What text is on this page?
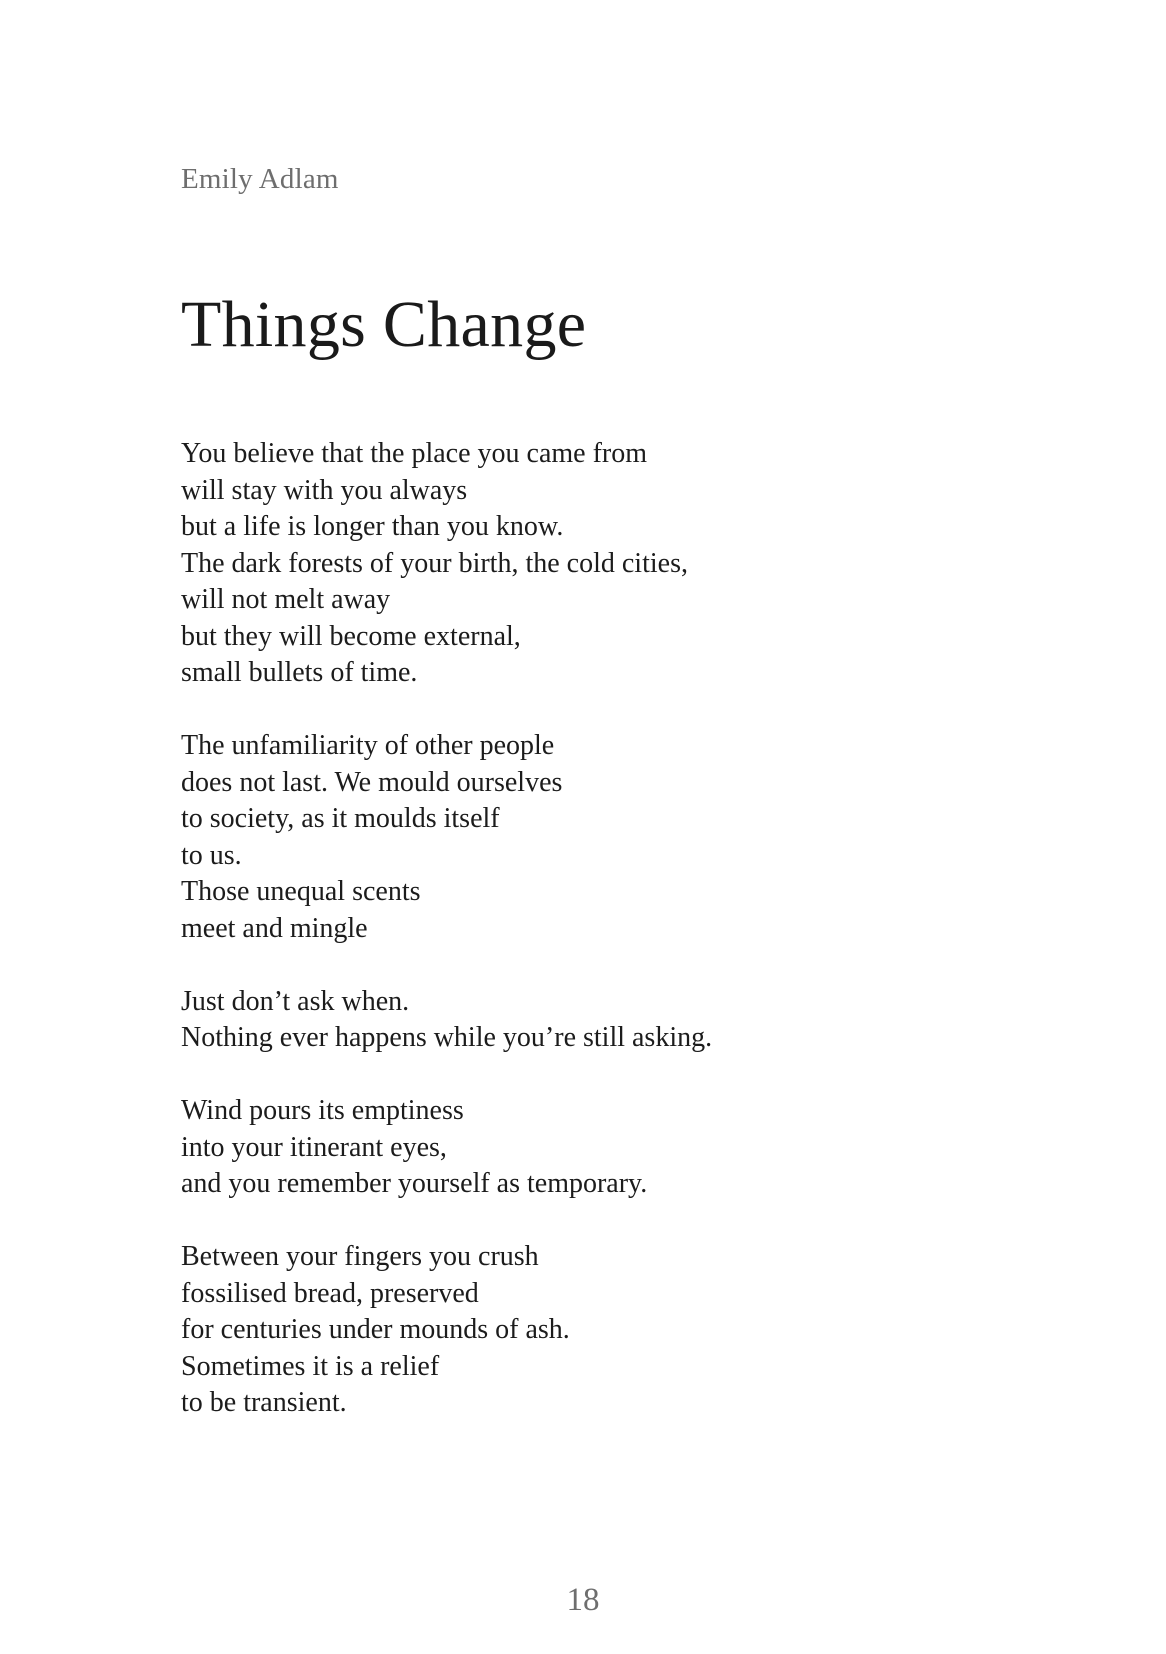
Emily Adlam
Things Change
You believe that the place you came from
will stay with you always
but a life is longer than you know.
The dark forests of your birth, the cold cities,
will not melt away
but they will become external,
small bullets of time.
The unfamiliarity of other people
does not last. We mould ourselves
to society, as it moulds itself
to us.
Those unequal scents
meet and mingle
Just don’t ask when.
Nothing ever happens while you’re still asking.
Wind pours its emptiness
into your itinerant eyes,
and you remember yourself as temporary.
Between your fingers you crush
fossilised bread, preserved
for centuries under mounds of ash.
Sometimes it is a relief
to be transient.
18
